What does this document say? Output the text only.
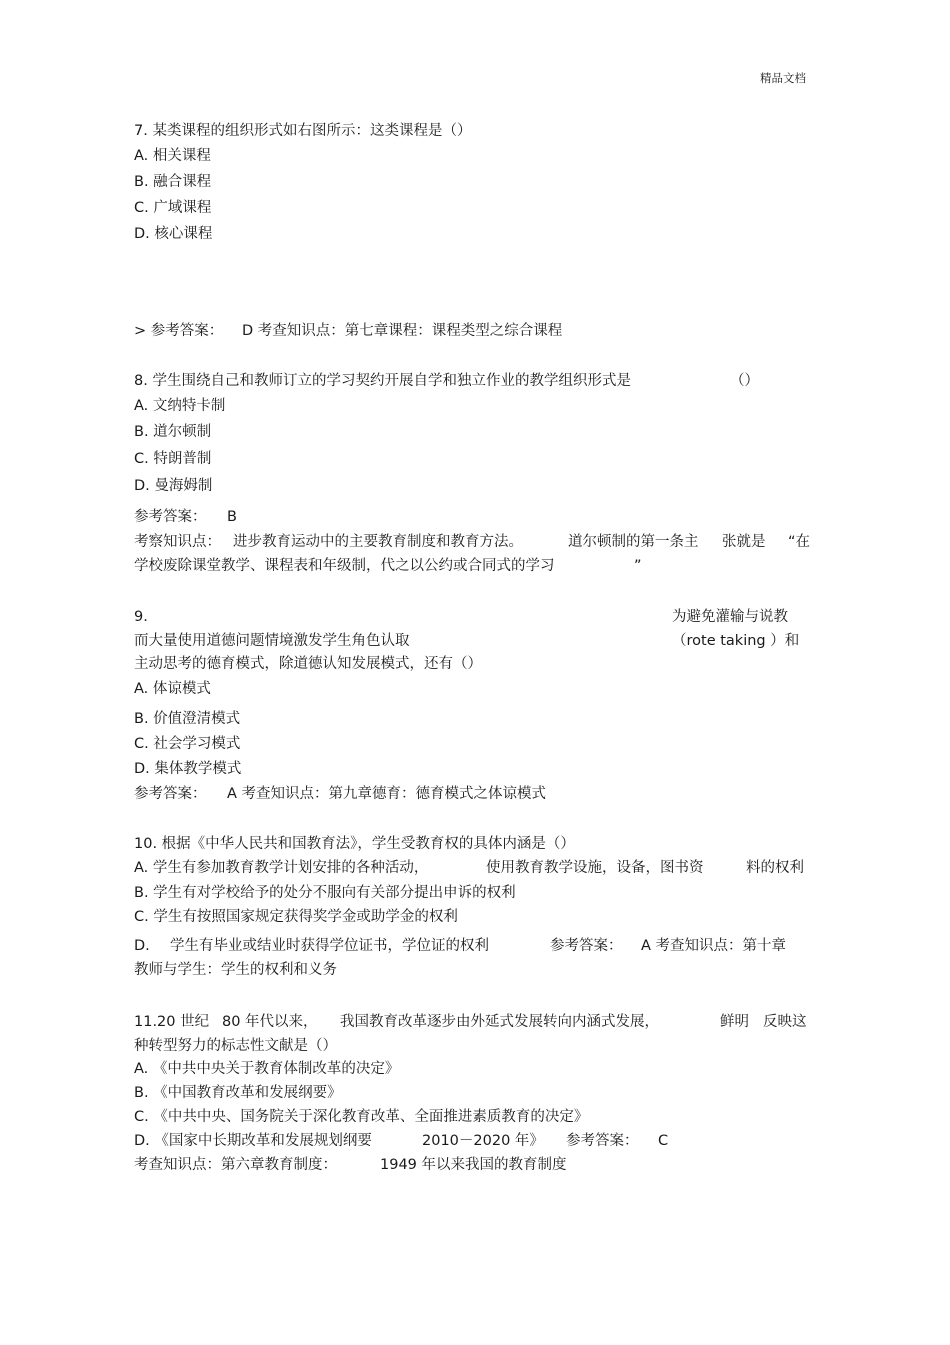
精品文档

7. 某类课程的组织形式如右图所示：这类课程是（）

A. 相关课程

B. 融合课程

C. 广域课程

D. 核心课程

> 参考答案： D 考查知识点：第七章课程：课程类型之综合课程
8. 学生围绕自己和教师订立的学习契约开展自学和独立作业的教学组织形式是	（）

A. 文纳特卡制

B. 道尔顿制

C. 特朗普制

D. 曼海姆制

参考答案： B
考察知识点： 进步教育运动中的主要教育制度和教育方法。	道尔顿制的第一条主 张就是 “在
学校废除课堂教学、课程表和年级制，代之以公约或合同式的学习	”
9.	为避免灌输与说教
而大量使用道德问题情境激发学生角色认取	（rote taking ）和

主动思考的德育模式，除道德认知发展模式，还有（）

A. 体谅模式

B. 价值澄清模式

C. 社会学习模式

D. 集体教学模式

参考答案： A 考查知识点：第九章德育：德育模式之体谅模式

10. 根据《中华人民共和国教育法》，学生受教育权的具体内涵是（）

A. 学生有参加教育教学计划安排的各种活动，	使用教育教学设施，设备，图书资	料的权利

B. 学生有对学校给予的处分不服向有关部分提出申诉的权利

C. 学生有按照国家规定获得奖学金或助学金的权利

D. 学生有毕业或结业时获得学位证书，学位证的权利	参考答案： A 考查知识点：第十章

教师与学生：学生的权利和义务

11.20 世纪 80 年代以来， 我国教育改革逐步由外延式发展转向内涵式发展，	鲜明 反映这

种转型努力的标志性文献是（）

A. 《中共中央关于教育体制改革的决定》

B. 《中国教育改革和发展纲要》

C. 《中共中央、国务院关于深化教育改革、全面推进素质教育的决定》

D. 《国家中长期改革和发展规划纲要	2010－2020 年》 参考答案： C
考查知识点：第六章教育制度：	1949 年以来我国的教育制度
